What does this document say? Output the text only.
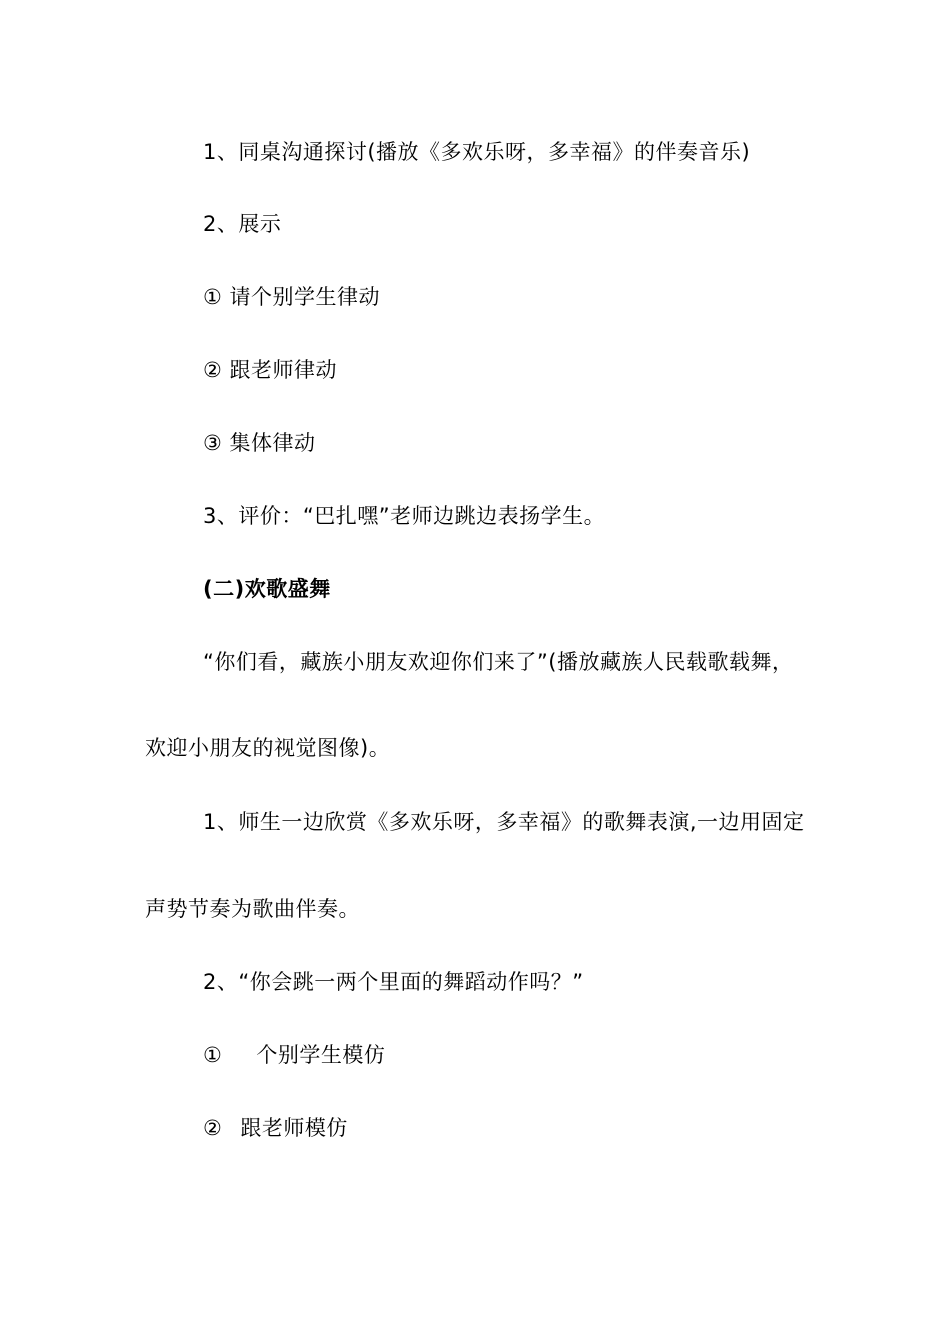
1、同桌沟通探讨(播放《多欢乐呀，多幸福》的伴奏音乐)
2、展示
① 请个别学生律动
② 跟老师律动
③ 集体律动
3、评价：“巴扎嘿”老师边跳边表扬学生。
(二)欢歌盛舞
“你们看，藏族小朋友欢迎你们来了”(播放藏族人民载歌载舞，
欢迎小朋友的视觉图像)。
1、师生一边欣赏《多欢乐呀，多幸福》的歌舞表演,一边用固定
声势节奏为歌曲伴奏。
2、“你会跳一两个里面的舞蹈动作吗？”
① 个别学生模仿
② 跟老师模仿
